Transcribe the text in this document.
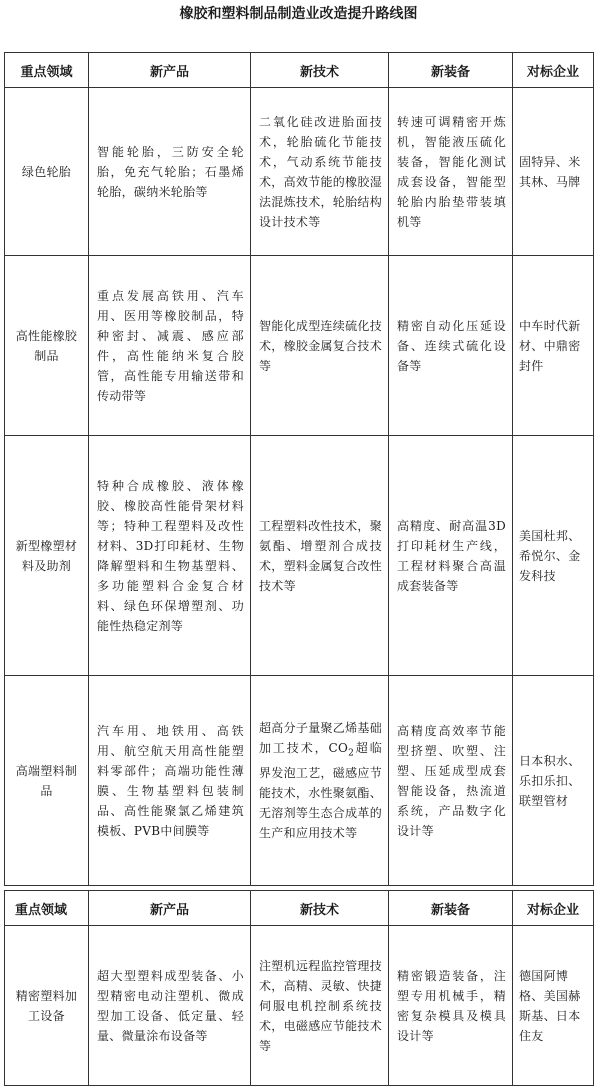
橡胶和塑料制品制造业改造提升路线图
重点领域	新产品	新技术	新装备	对标企业
绿色轮胎	智能轮胎，三防安全轮胎，免充气轮胎；石墨烯轮胎，碳纳米轮胎等	二氧化硅改进胎面技术，轮胎硫化节能技术，气动系统节能技术，高效节能的橡胶湿法混炼技术，轮胎结构设计技术等	转速可调精密开炼机，智能液压硫化装备，智能化测试成套设备，智能型轮胎内胎垫带装填机等	固特异、米其林、马牌
高性能橡胶制品	重点发展高铁用、汽车用、医用等橡胶制品，特种密封、减震、感应部件，高性能纳米复合胶管，高性能专用输送带和传动带等	智能化成型连续硫化技术，橡胶金属复合技术等	精密自动化压延设备、连续式硫化设备等	中车时代新材、中鼎密封件
新型橡塑材料及助剂	特种合成橡胶、液体橡胶、橡胶高性能骨架材料等；特种工程塑料及改性材料、3D打印耗材、生物降解塑料和生物基塑料、多功能塑料合金复合材料、绿色环保增塑剂、功能性热稳定剂等	工程塑料改性技术，聚氨酯、增塑剂合成技术，塑料金属复合改性技术等	高精度、耐高温3D打印耗材生产线，工程材料聚合高温成套装备等	美国杜邦、希悦尔、金发科技
高端塑料制品	汽车用、地铁用、高铁用、航空航天用高性能塑料零部件；高端功能性薄膜、生物基塑料包装制品、高性能聚氯乙烯建筑模板、PVB中间膜等	超高分子量聚乙烯基础加工技术，$CO_2$超临界发泡工艺，磁感应节能技术，水性聚氨酯、无溶剂等生态合成革的生产和应用技术等	高精度高效率节能型挤塑、吹塑、注塑、压延成型成套智能设备，热流道系统，产品数字化设计等	日本积水、乐扣乐扣、联塑管材
重点领域	新产品	新技术	新装备	对标企业
精密塑料加工设备	超大型塑料成型装备、小型精密电动注塑机、微成型加工设备、低定量、轻量、微量涂布设备等	注塑机远程监控管理技术，高精、灵敏、快捷伺服电机控制系统技术，电磁感应节能技术等	精密锻造装备，注塑专用机械手，精密复杂模具及模具设计等	德国阿博格、美国赫斯基、日本住友
